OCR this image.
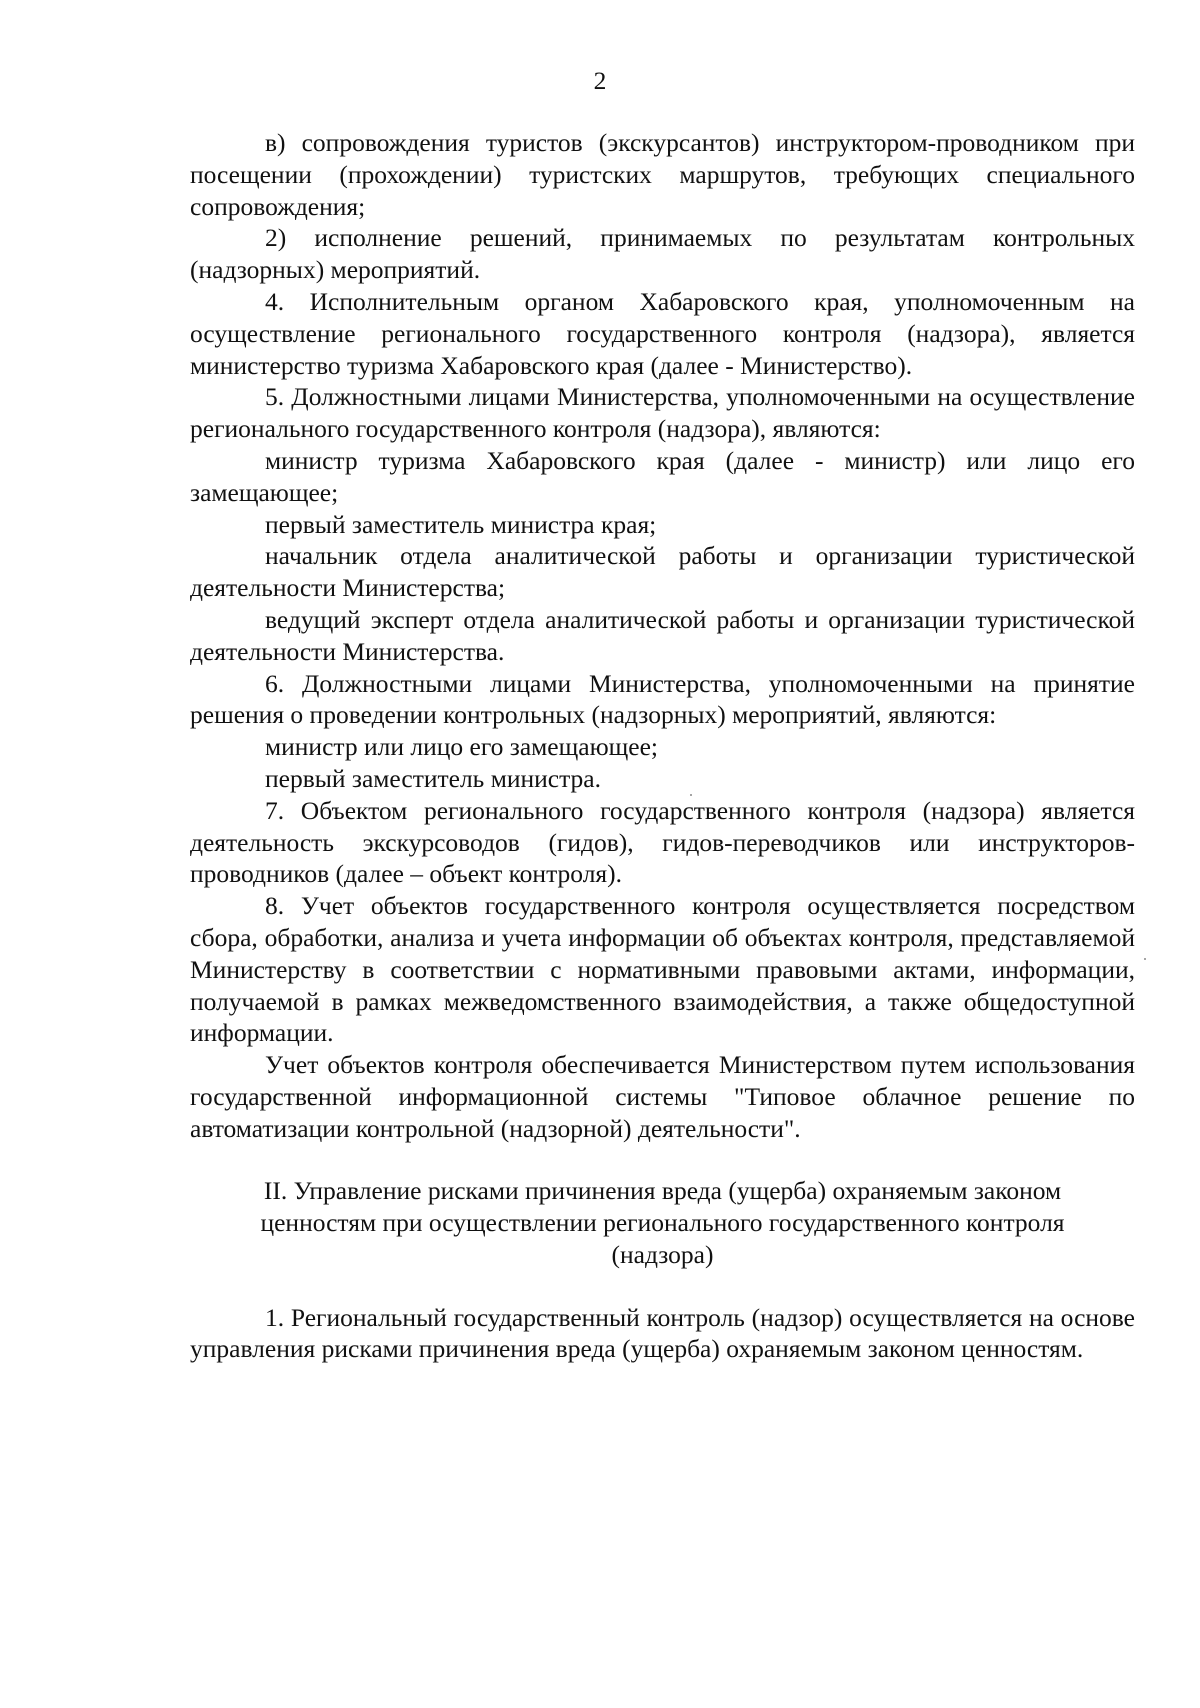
2

в) сопровождения туристов (экскурсантов) инструктором-проводником при посещении (прохождении) туристских маршрутов, требующих специального сопровождения;

2) исполнение решений, принимаемых по результатам контрольных (надзорных) мероприятий.

4. Исполнительным органом Хабаровского края, уполномоченным на осуществление регионального государственного контроля (надзора), является министерство туризма Хабаровского края (далее - Министерство).

5. Должностными лицами Министерства, уполномоченными на осуществление регионального государственного контроля (надзора), являются:

министр туризма Хабаровского края (далее - министр) или лицо его замещающее;

первый заместитель министра края;

начальник отдела аналитической работы и организации туристической деятельности Министерства;

ведущий эксперт отдела аналитической работы и организации туристической деятельности Министерства.

6. Должностными лицами Министерства, уполномоченными на принятие решения о проведении контрольных (надзорных) мероприятий, являются:

министр или лицо его замещающее;

первый заместитель министра.

7. Объектом регионального государственного контроля (надзора) является деятельность экскурсоводов (гидов), гидов-переводчиков или инструкторов-проводников (далее – объект контроля).

8. Учет объектов государственного контроля осуществляется посредством сбора, обработки, анализа и учета информации об объектах контроля, представляемой Министерству в соответствии с нормативными правовыми актами, информации, получаемой в рамках межведомственного взаимодействия, а также общедоступной информации.

Учет объектов контроля обеспечивается Министерством путем использования государственной информационной системы "Типовое облачное решение по автоматизации контрольной (надзорной) деятельности".

II. Управление рисками причинения вреда (ущерба) охраняемым законом ценностям при осуществлении регионального государственного контроля (надзора)

1. Региональный государственный контроль (надзор) осуществляется на основе управления рисками причинения вреда (ущерба) охраняемым законом ценностям.
